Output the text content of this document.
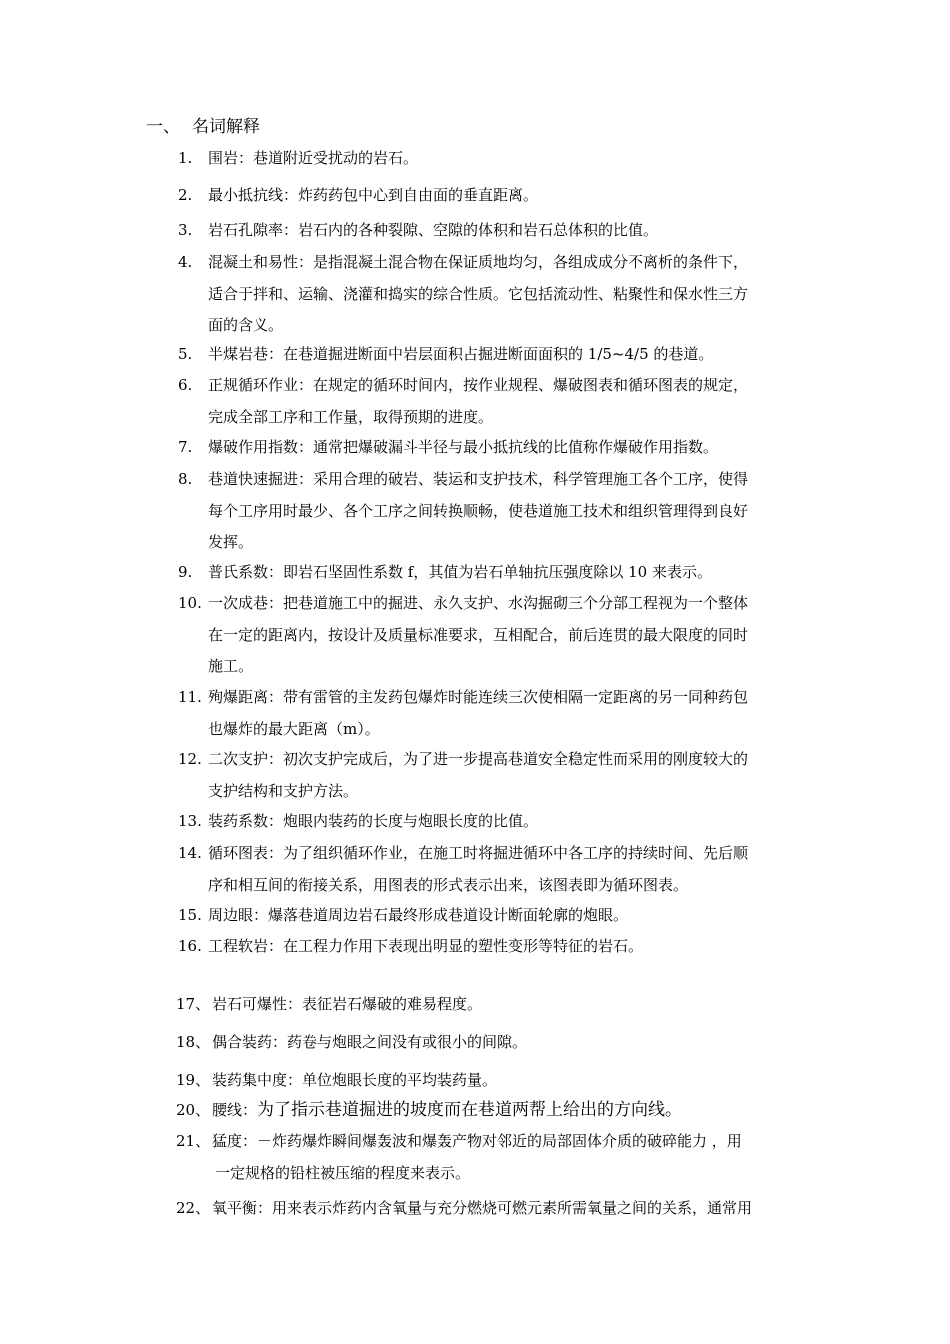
一、 名词解释
1. 围岩：巷道附近受扰动的岩石。
2. 最小抵抗线：炸药药包中心到自由面的垂直距离。
3. 岩石孔隙率：岩石内的各种裂隙、空隙的体积和岩石总体积的比值。
4. 混凝土和易性：是指混凝土混合物在保证质地均匀，各组成成分不离析的条件下，
适合于拌和、运输、浇灌和捣实的综合性质。它包括流动性、粘聚性和保水性三方
面的含义。
5. 半煤岩巷：在巷道掘进断面中岩层面积占掘进断面面积的 1/5~4/5 的巷道。
6. 正规循环作业：在规定的循环时间内，按作业规程、爆破图表和循环图表的规定，
完成全部工序和工作量，取得预期的进度。
7. 爆破作用指数：通常把爆破漏斗半径与最小抵抗线的比值称作爆破作用指数。
8. 巷道快速掘进：采用合理的破岩、装运和支护技术，科学管理施工各个工序，使得
每个工序用时最少、各个工序之间转换顺畅，使巷道施工技术和组织管理得到良好
发挥。
9. 普氏系数：即岩石坚固性系数 f，其值为岩石单轴抗压强度除以 10 来表示。
10. 一次成巷：把巷道施工中的掘进、永久支护、水沟掘砌三个分部工程视为一个整体
在一定的距离内，按设计及质量标准要求，互相配合，前后连贯的最大限度的同时
施工。
11. 殉爆距离：带有雷管的主发药包爆炸时能连续三次使相隔一定距离的另一同种药包
也爆炸的最大距离（m）。
12. 二次支护：初次支护完成后，为了进一步提高巷道安全稳定性而采用的刚度较大的
支护结构和支护方法。
13. 装药系数：炮眼内装药的长度与炮眼长度的比值。
14. 循环图表：为了组织循环作业，在施工时将掘进循环中各工序的持续时间、先后顺
序和相互间的衔接关系，用图表的形式表示出来，该图表即为循环图表。
15. 周边眼：爆落巷道周边岩石最终形成巷道设计断面轮廓的炮眼。
16. 工程软岩：在工程力作用下表现出明显的塑性变形等特征的岩石。
17、 岩石可爆性：表征岩石爆破的难易程度。
18、 偶合装药：药卷与炮眼之间没有或很小的间隙。
19、 装药集中度：单位炮眼长度的平均装药量。
20、 腰线：为了指示巷道掘进的坡度而在巷道两帮上给出的方向线。
21、 猛度：－炸药爆炸瞬间爆轰波和爆轰产物对邻近的局部固体介质的破碎能力 ，用
一定规格的铅柱被压缩的程度来表示。
22、 氧平衡：用来表示炸药内含氧量与充分燃烧可燃元素所需氧量之间的关系，通常用
